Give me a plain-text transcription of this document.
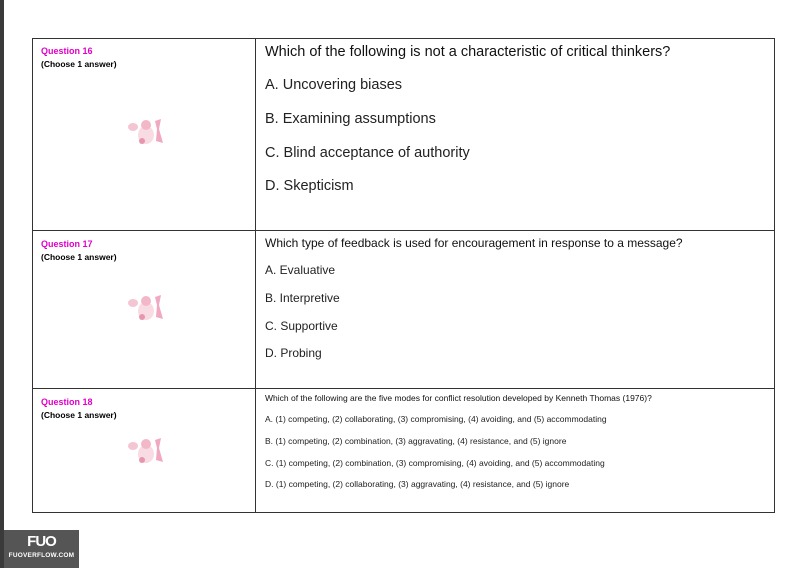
Question 16
(Choose 1 answer)
Which of the following is not a characteristic of critical thinkers?
A. Uncovering biases
B. Examining assumptions
C. Blind acceptance of authority
D. Skepticism
Question 17
(Choose 1 answer)
Which type of feedback is used for encouragement in response to a message?
A. Evaluative
B. Interpretive
C. Supportive
D. Probing
Question 18
(Choose 1 answer)
Which of the following are the five modes for conflict resolution developed by Kenneth Thomas (1976)?
A. (1) competing, (2) collaborating, (3) compromising, (4) avoiding, and (5) accommodating
B. (1) competing, (2) combination, (3) aggravating, (4) resistance, and (5) ignore
C. (1) competing, (2) combination, (3) compromising, (4) avoiding, and (5) accommodating
D. (1) competing, (2) collaborating, (3) aggravating, (4) resistance, and (5) ignore
FUO
FUOVERFLOW.COM
